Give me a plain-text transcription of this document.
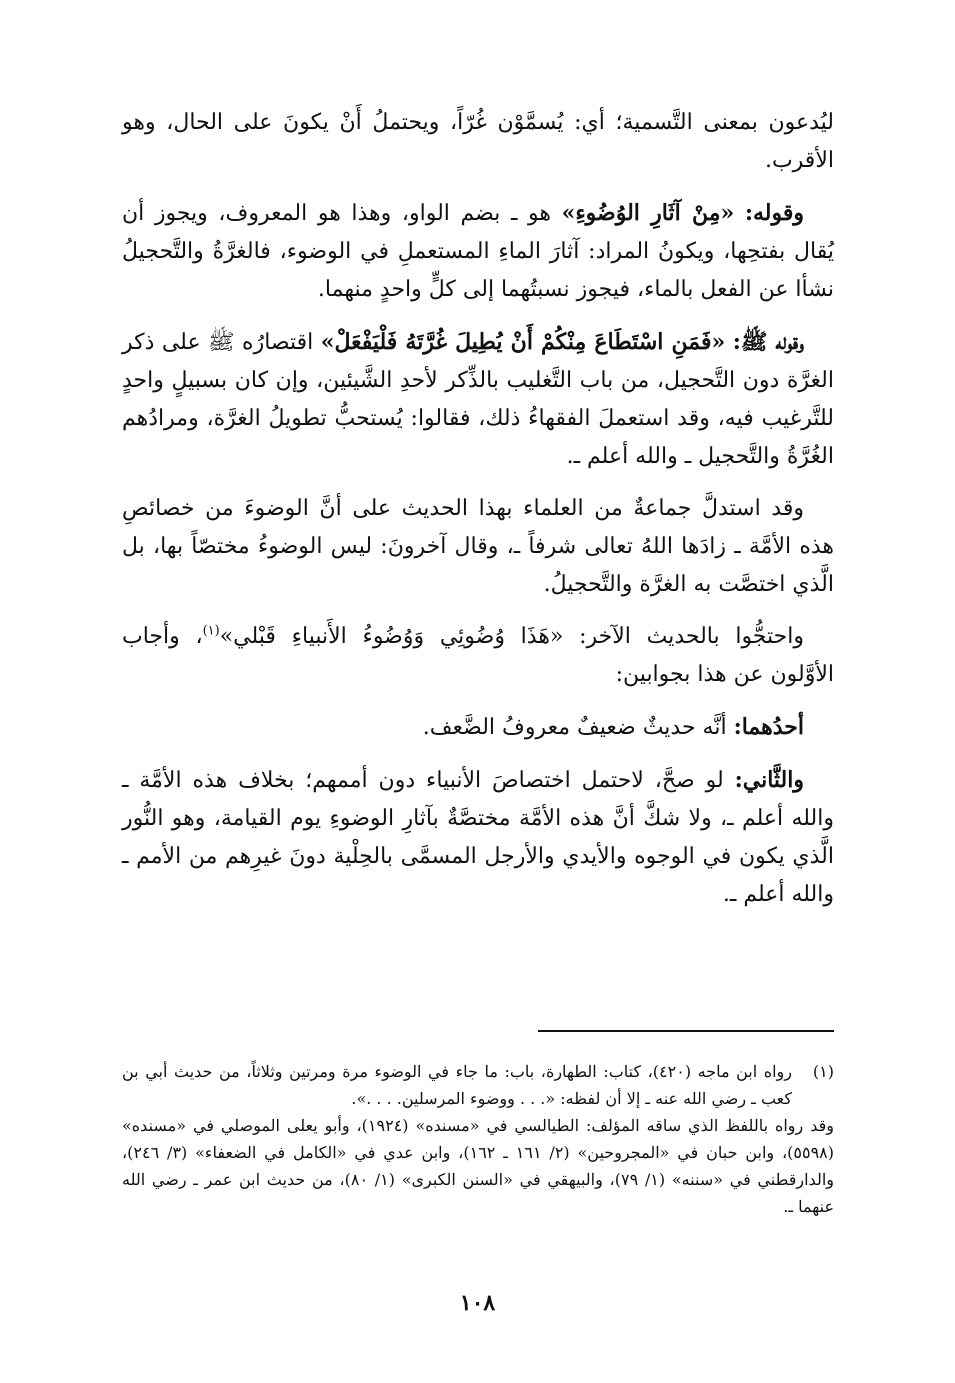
ليُدعون بمعنى التَّسمية؛ أي: يُسمَّوْن غُرّاً، ويحتملُ أَنْ يكونَ على الحال، وهو الأقرب.

وقوله: «مِنْ آثَارِ الوُضُوءِ» هو ـ بضم الواو، وهذا هو المعروف، ويجوز أن يُقال بفتحِها، ويكونُ المراد: آثارَ الماءِ المستعملِ في الوضوء، فالغرَّةُ والتَّحجيلُ نشأا عن الفعل بالماء، فيجوز نسبتُهما إلى كلٍّ واحدٍ منهما.

وقوله ﷺ: «فَمَنِ اسْتَطَاعَ مِنْكُمْ أَنْ يُطِيلَ غُرَّتَهُ فَلْيَفْعَلْ» اقتصارُه ﷺ على ذكر الغرَّة دون التَّحجيل، من باب التَّغليب بالذِّكر لأحدِ الشَّيئين، وإن كان بسبيلٍ واحدٍ للتَّرغيب فيه، وقد استعملَ الفقهاءُ ذلك، فقالوا: يُستحبُّ تطويلُ الغرَّة، ومرادُهم الغُرَّةُ والتَّحجيل ـ والله أعلم ـ.

وقد استدلَّ جماعةٌ من العلماء بهذا الحديث على أنَّ الوضوءَ من خصائصِ هذه الأمَّة ـ زادَها اللهُ تعالى شرفاً ـ، وقال آخرونَ: ليس الوضوءُ مختصّاً بها، بل الَّذي اختصَّت به الغرَّة والتَّحجيلُ.

واحتجُّوا بالحديث الآخر: «هَذَا وُضُوئِي وَوُضُوءُ الأَنبياءِ قَبْلي»$^{(١)}$، وأجاب الأوَّلون عن هذا بجوابين:

أحدُهما: أنَّه حديثٌ ضعيفٌ معروفُ الضَّعف.

والثَّاني: لو صحَّ، لاحتمل اختصاصَ الأنبياء دون أممهم؛ بخلاف هذه الأمَّة ـ والله أعلم ـ، ولا شكَّ أنَّ هذه الأمَّة مختصَّةٌ بآثارِ الوضوءِ يوم القيامة، وهو النُّور الَّذي يكون في الوجوه والأيدي والأرجل المسمَّى بالحِلْية دونَ غيرِهم من الأمم ـ والله أعلم ـ.

(١)
رواه ابن ماجه (٤٢٠)، كتاب: الطهارة، باب: ما جاء في الوضوء مرة ومرتين وثلاثاً، من حديث أبي بن كعب ـ رضي الله عنه ـ إلا أن لفظه: «. . . ووضوء المرسلين. . . .».

وقد رواه باللفظ الذي ساقه المؤلف: الطيالسي في «مسنده» (١٩٢٤)، وأبو يعلى الموصلي في «مسنده» (٥٥٩٨)، وابن حبان في «المجروحين» (٢/ ١٦١ ـ ١٦٢)، وابن عدي في «الكامل في الضعفاء» (٣/ ٢٤٦)، والدارقطني في «سننه» (١/ ٧٩)، والبيهقي في «السنن الكبرى» (١/ ٨٠)، من حديث ابن عمر ـ رضي الله عنهما ـ.

١٠٨
